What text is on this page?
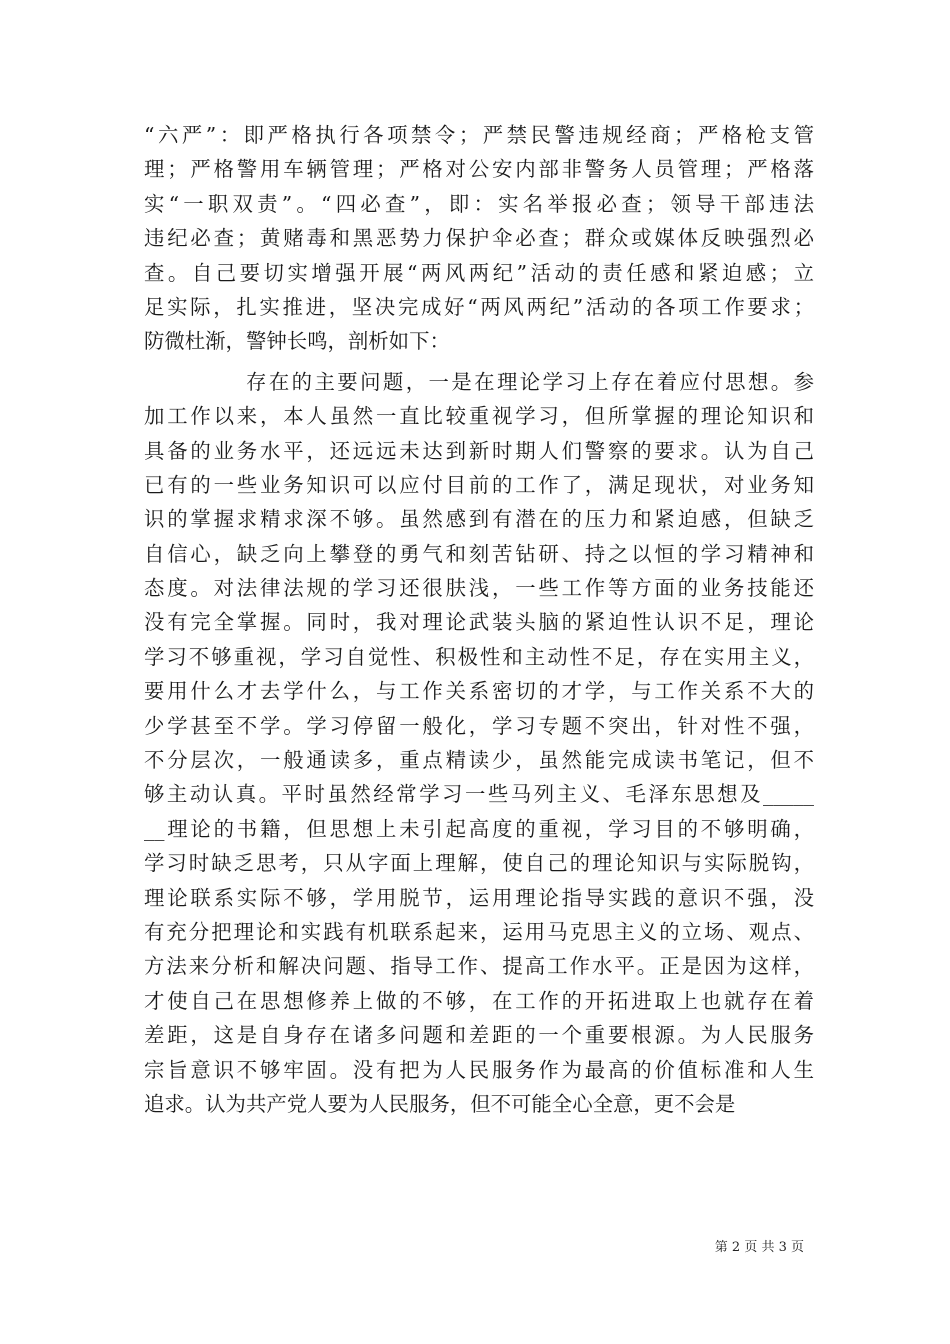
“六严”：即严格执行各项禁令；严禁民警违规经商；严格枪支管
理；严格警用车辆管理；严格对公安内部非警务人员管理；严格落
实“一职双责”。“四必查”，即：实名举报必查；领导干部违法
违纪必查；黄赌毒和黑恶势力保护伞必查；群众或媒体反映强烈必
查。自己要切实增强开展“两风两纪”活动的责任感和紧迫感；立
足实际，扎实推进，坚决完成好“两风两纪”活动的各项工作要求；
防微杜渐，警钟长鸣，剖析如下：
存在的主要问题，一是在理论学习上存在着应付思想。参
加工作以来，本人虽然一直比较重视学习，但所掌握的理论知识和
具备的业务水平，还远远未达到新时期人们警察的要求。认为自己
已有的一些业务知识可以应付目前的工作了，满足现状，对业务知
识的掌握求精求深不够。虽然感到有潜在的压力和紧迫感，但缺乏
自信心，缺乏向上攀登的勇气和刻苦钻研、持之以恒的学习精神和
态度。对法律法规的学习还很肤浅，一些工作等方面的业务技能还
没有完全掌握。同时，我对理论武装头脑的紧迫性认识不足，理论
学习不够重视，学习自觉性、积极性和主动性不足，存在实用主义，
要用什么才去学什么，与工作关系密切的才学，与工作关系不大的
少学甚至不学。学习停留一般化，学习专题不突出，针对性不强，
不分层次，一般通读多，重点精读少，虽然能完成读书笔记，但不
够主动认真。平时虽然经常学习一些马列主义、毛泽东思想及_____
__理论的书籍，但思想上未引起高度的重视，学习目的不够明确，
学习时缺乏思考，只从字面上理解，使自己的理论知识与实际脱钩，
理论联系实际不够，学用脱节，运用理论指导实践的意识不强，没
有充分把理论和实践有机联系起来，运用马克思主义的立场、观点、
方法来分析和解决问题、指导工作、提高工作水平。正是因为这样，
才使自己在思想修养上做的不够，在工作的开拓进取上也就存在着
差距，这是自身存在诸多问题和差距的一个重要根源。为人民服务
宗旨意识不够牢固。没有把为人民服务作为最高的价值标准和人生
追求。认为共产党人要为人民服务，但不可能全心全意，更不会是
第 2 页 共 3 页
